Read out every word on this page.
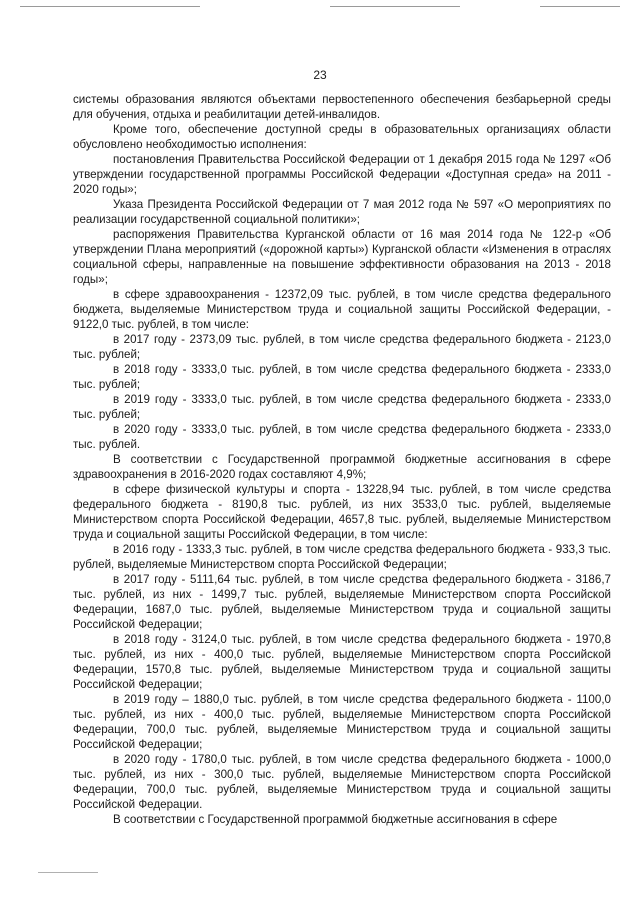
23

системы образования являются объектами первостепенного обеспечения безбарьерной среды для обучения, отдыха и реабилитации детей-инвалидов.

Кроме того, обеспечение доступной среды в образовательных организациях области обусловлено необходимостью исполнения:

постановления Правительства Российской Федерации от 1 декабря 2015 года № 1297 «Об утверждении государственной программы Российской Федерации «Доступная среда» на 2011 - 2020 годы»;

Указа Президента Российской Федерации от 7 мая 2012 года № 597 «О мероприятиях по реализации государственной социальной политики»;

распоряжения Правительства Курганской области от 16 мая 2014 года № 122-р «Об утверждении Плана мероприятий («дорожной карты») Курганской области «Изменения в отраслях социальной сферы, направленные на повышение эффективности образования на 2013 - 2018 годы»;

в сфере здравоохранения - 12372,09 тыс. рублей, в том числе средства федерального бюджета, выделяемые Министерством труда и социальной защиты Российской Федерации, - 9122,0 тыс. рублей, в том числе:

в 2017 году - 2373,09 тыс. рублей, в том числе средства федерального бюджета - 2123,0 тыс. рублей;

в 2018 году - 3333,0 тыс. рублей, в том числе средства федерального бюджета - 2333,0 тыс. рублей;

в 2019 году - 3333,0 тыс. рублей, в том числе средства федерального бюджета - 2333,0 тыс. рублей;

в 2020 году - 3333,0 тыс. рублей, в том числе средства федерального бюджета - 2333,0 тыс. рублей.

В соответствии с Государственной программой бюджетные ассигнования в сфере здравоохранения в 2016-2020 годах составляют 4,9%;

в сфере физической культуры и спорта - 13228,94 тыс. рублей, в том числе средства федерального бюджета - 8190,8 тыс. рублей, из них 3533,0 тыс. рублей, выделяемые Министерством спорта Российской Федерации, 4657,8 тыс. рублей, выделяемые Министерством труда и социальной защиты Российской Федерации, в том числе:

в 2016 году - 1333,3 тыс. рублей, в том числе средства федерального бюджета - 933,3 тыс. рублей, выделяемые Министерством спорта Российской Федерации;

в 2017 году - 5111,64 тыс. рублей, в том числе средства федерального бюджета - 3186,7 тыс. рублей, из них - 1499,7 тыс. рублей, выделяемые Министерством спорта Российской Федерации, 1687,0 тыс. рублей, выделяемые Министерством труда и социальной защиты Российской Федерации;

в 2018 году - 3124,0 тыс. рублей, в том числе средства федерального бюджета - 1970,8 тыс. рублей, из них - 400,0 тыс. рублей, выделяемые Министерством спорта Российской Федерации, 1570,8 тыс. рублей, выделяемые Министерством труда и социальной защиты Российской Федерации;

в 2019 году – 1880,0 тыс. рублей, в том числе средства федерального бюджета - 1100,0 тыс. рублей, из них - 400,0 тыс. рублей, выделяемые Министерством спорта Российской Федерации, 700,0 тыс. рублей, выделяемые Министерством труда и социальной защиты Российской Федерации;

в 2020 году - 1780,0 тыс. рублей, в том числе средства федерального бюджета - 1000,0 тыс. рублей, из них - 300,0 тыс. рублей, выделяемые Министерством спорта Российской Федерации, 700,0 тыс. рублей, выделяемые Министерством труда и социальной защиты Российской Федерации.

В соответствии с Государственной программой бюджетные ассигнования в сфере
